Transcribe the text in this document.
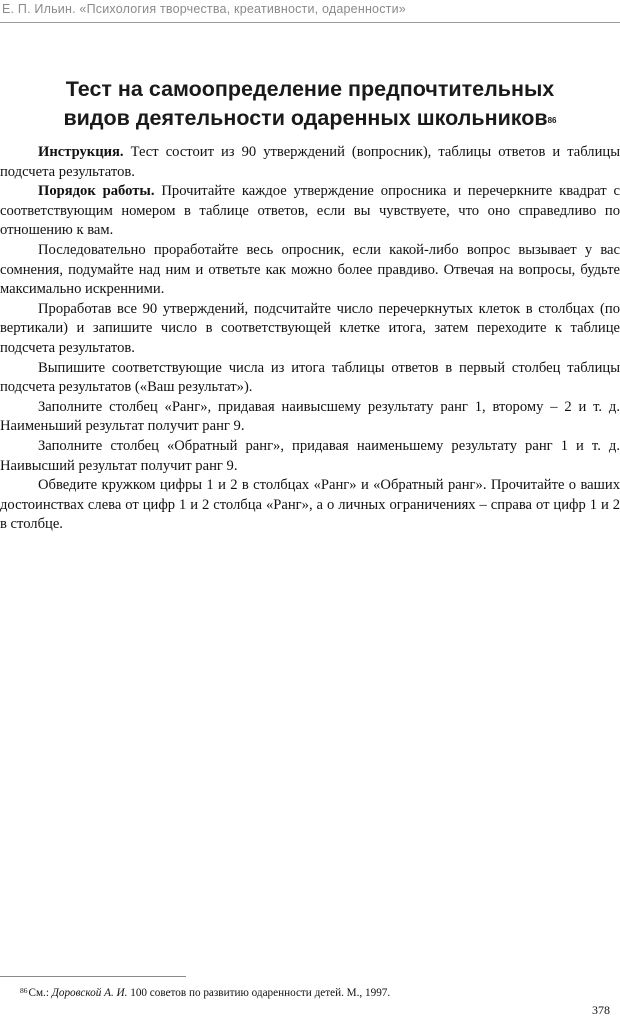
Е. П. Ильин. «Психология творчества, креативности, одаренности»
Тест на самоопределение предпочтительных
видов деятельности одаренных школьников$^{86}$

Инструкция. Тест состоит из 90 утверждений (вопросник), таблицы ответов и таблицы подсчета результатов.

Порядок работы. Прочитайте каждое утверждение опросника и перечеркните квадрат с соответствующим номером в таблице ответов, если вы чувствуете, что оно справедливо по отношению к вам.

Последовательно проработайте весь опросник, если какой-либо вопрос вызывает у вас сомнения, подумайте над ним и ответьте как можно более правдиво. Отвечая на вопросы, будьте максимально искренними.

Проработав все 90 утверждений, подсчитайте число перечеркнутых клеток в столбцах (по вертикали) и запишите число в соответствующей клетке итога, затем переходите к таблице подсчета результатов.

Выпишите соответствующие числа из итога таблицы ответов в первый столбец таблицы подсчета результатов («Ваш результат»).

Заполните столбец «Ранг», придавая наивысшему результату ранг 1, второму – 2 и т. д. Наименьший результат получит ранг 9.

Заполните столбец «Обратный ранг», придавая наименьшему результату ранг 1 и т. д. Наивысший результат получит ранг 9.

Обведите кружком цифры 1 и 2 в столбцах «Ранг» и «Обратный ранг». Прочитайте о ваших достоинствах слева от цифр 1 и 2 столбца «Ранг», а о личных ограничениях – справа от цифр 1 и 2 в столбце.

$^{86}$См.: Доровской А. И. 100 советов по развитию одаренности детей. М., 1997.
378
